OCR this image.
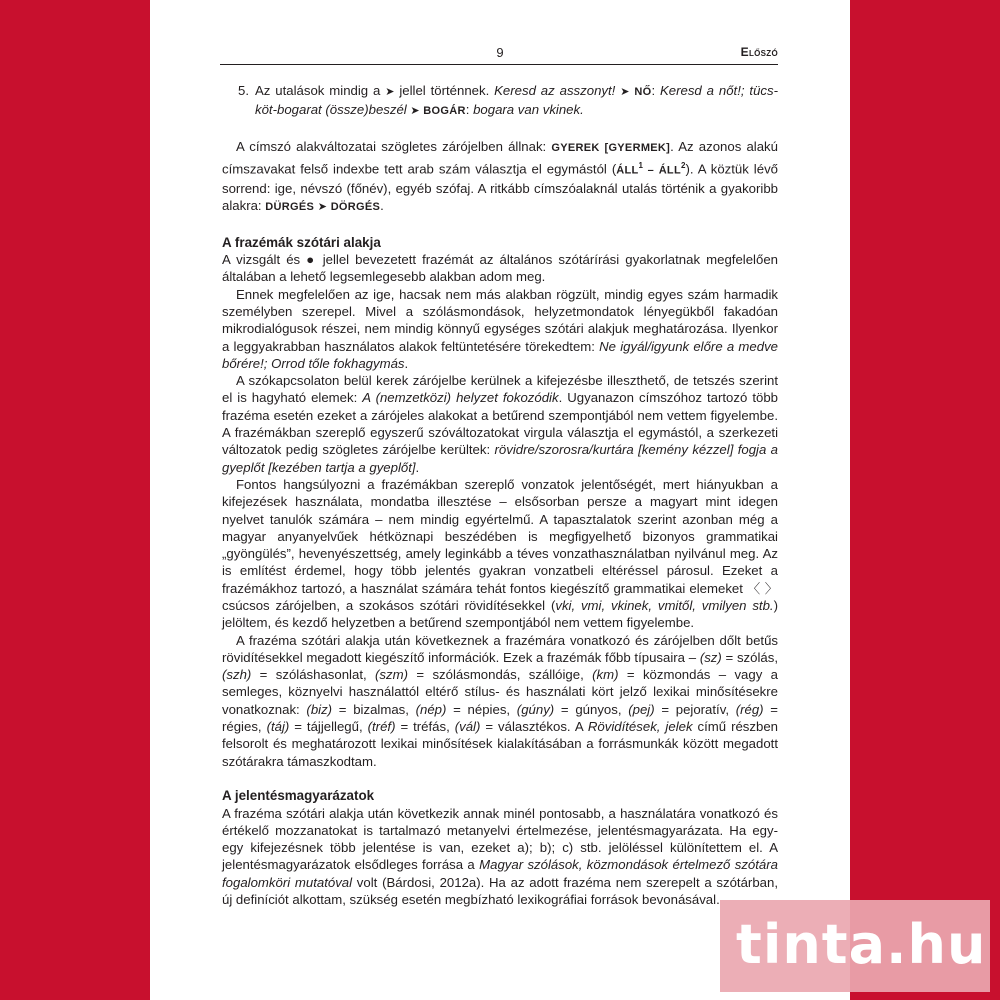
9	Előszó
5. Az utalások mindig a ➤ jellel történnek. Keresd az asszonyt! ➤ NŐ: Keresd a nőt!; tücs-köt-bogarat (össze)beszél ➤ BOGÁR: bogara van vkinek.

A címszó alakváltozatai szögletes zárójelben állnak: GYEREK [GYERMEK]. Az azonos alakú címszavakat felső indexbe tett arab szám választja el egymástól (ÁLL$^1$ – ÁLL$^2$). A köztük lévő sorrend: ige, névszó (főnév), egyéb szófaj. A ritkább címszóalaknál utalás történik a gyakoribb alakra: DÜRGÉS ➤ DÖRGÉS.

A frazémák szótári alakja

A vizsgált és ● jellel bevezetett frazémát az általános szótárírási gyakorlatnak megfelelően általában a lehető legsemlegesebb alakban adom meg.

Ennek megfelelően az ige, hacsak nem más alakban rögzült, mindig egyes szám harmadik személyben szerepel. Mivel a szólásmondások, helyzetmondatok lényegükből fakadóan mikrodialógusok részei, nem mindig könnyű egységes szótári alakjuk meghatározása. Ilyenkor a leggyakrabban használatos alakok feltüntetésére törekedtem: Ne igyál/igyunk előre a medve bőrére!; Orrod tőle fokhagymás.

A szókapcsolaton belül kerek zárójelbe kerülnek a kifejezésbe illeszthető, de tetszés szerint el is hagyható elemek: A (nemzetközi) helyzet fokozódik. Ugyanazon címszóhoz tartozó több frazéma esetén ezeket a zárójeles alakokat a betűrend szempontjából nem vettem figyelembe. A frazémákban szereplő egyszerű szóváltozatokat virgula választja el egymástól, a szerkezeti változatok pedig szögletes zárójelbe kerültek: rövidre/szorosra/kurtára [kemény kézzel] fogja a gyeplőt [kezében tartja a gyeplőt].

Fontos hangsúlyozni a frazémákban szereplő vonzatok jelentőségét, mert hiányukban a kifejezések használata, mondatba illesztése – elsősorban persze a magyart mint idegen nyelvet tanulók számára – nem mindig egyértelmű. A tapasztalatok szerint azonban még a magyar anyanyelvűek hétköznapi beszédében is megfigyelhető bizonyos grammatikai „gyöngülés”, hevenyészettség, amely leginkább a téves vonzathasználatban nyilvánul meg. Az is említést érdemel, hogy több jelentés gyakran vonzatbeli eltéréssel párosul. Ezeket a frazémákhoz tartozó, a használat számára tehát fontos kiegészítő grammatikai elemeket 〈 〉 csúcsos zárójelben, a szokásos szótári rövidítésekkel (vki, vmi, vkinek, vmitől, vmilyen stb.) jelöltem, és kezdő helyzetben a betűrend szempontjából nem vettem figyelembe.

A frazéma szótári alakja után következnek a frazémára vonatkozó és zárójelben dőlt betűs rövidítésekkel megadott kiegészítő információk. Ezek a frazémák főbb típusaira – (sz) = szólás, (szh) = szóláshasonlat, (szm) = szólásmondás, szállóige, (km) = közmondás – vagy a semleges, köznyelvi használattól eltérő stílus- és használati kört jelző lexikai minősítésekre vonatkoznak: (biz) = bizalmas, (nép) = népies, (gúny) = gúnyos, (pej) = pejoratív, (rég) = régies, (táj) = tájjellegű, (tréf) = tréfás, (vál) = választékos. A Rövidítések, jelek című részben felsorolt és meghatározott lexikai minősítések kialakításában a forrásmunkák között megadott szótárakra támaszkodtam.

A jelentésmagyarázatok

A frazéma szótári alakja után következik annak minél pontosabb, a használatára vonatkozó és értékelő mozzanatokat is tartalmazó metanyelvi értelmezése, jelentésmagyarázata. Ha egy-egy kifejezésnek több jelentése is van, ezeket a); b); c) stb. jelöléssel különítettem el. A jelentésmagyarázatok elsődleges forrása a Magyar szólások, közmondások értelmező szótára fogalomköri mutatóval volt (Bárdosi, 2012a). Ha az adott frazéma nem szerepelt a szótárban, új definíciót alkottam, szükség esetén megbízható lexikográfiai források bevonásával.

tinta.hu
